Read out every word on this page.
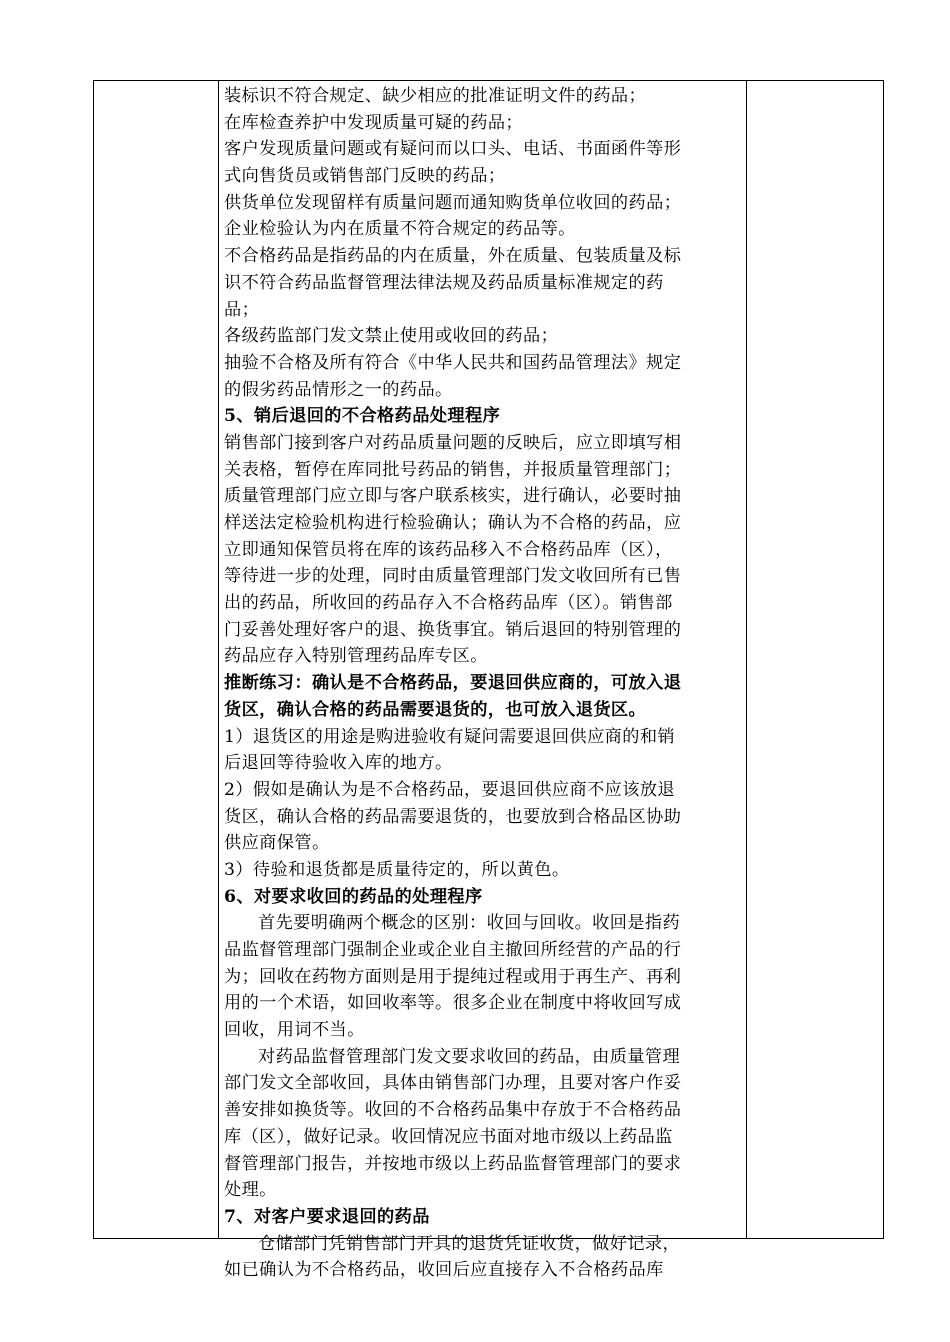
装标识不符合规定、缺少相应的批准证明文件的药品；
在库检查养护中发现质量可疑的药品；
客户发现质量问题或有疑问而以口头、电话、书面函件等形
式向售货员或销售部门反映的药品；
供货单位发现留样有质量问题而通知购货单位收回的药品；
企业检验认为内在质量不符合规定的药品等。
不合格药品是指药品的内在质量，外在质量、包装质量及标
识不符合药品监督管理法律法规及药品质量标准规定的药
品；
各级药监部门发文禁止使用或收回的药品；
抽验不合格及所有符合《中华人民共和国药品管理法》规定
的假劣药品情形之一的药品。
5、销后退回的不合格药品处理程序
销售部门接到客户对药品质量问题的反映后，应立即填写相
关表格，暂停在库同批号药品的销售，并报质量管理部门；
质量管理部门应立即与客户联系核实，进行确认，必要时抽
样送法定检验机构进行检验确认；确认为不合格的药品，应
立即通知保管员将在库的该药品移入不合格药品库（区），
等待进一步的处理，同时由质量管理部门发文收回所有已售
出的药品，所收回的药品存入不合格药品库（区）。销售部
门妥善处理好客户的退、换货事宜。销后退回的特别管理的
药品应存入特别管理药品库专区。
推断练习：确认是不合格药品，要退回供应商的，可放入退
货区，确认合格的药品需要退货的，也可放入退货区。
1）退货区的用途是购进验收有疑问需要退回供应商的和销
后退回等待验收入库的地方。
2）假如是确认为是不合格药品，要退回供应商不应该放退
货区，确认合格的药品需要退货的，也要放到合格品区协助
供应商保管。
3）待验和退货都是质量待定的，所以黄色。
6、对要求收回的药品的处理程序
首先要明确两个概念的区别：收回与回收。收回是指药
品监督管理部门强制企业或企业自主撤回所经营的产品的行
为；回收在药物方面则是用于提纯过程或用于再生产、再利
用的一个术语，如回收率等。很多企业在制度中将收回写成
回收，用词不当。
对药品监督管理部门发文要求收回的药品，由质量管理
部门发文全部收回，具体由销售部门办理，且要对客户作妥
善安排如换货等。收回的不合格药品集中存放于不合格药品
库（区），做好记录。收回情况应书面对地市级以上药品监
督管理部门报告，并按地市级以上药品监督管理部门的要求
处理。
7、对客户要求退回的药品
仓储部门凭销售部门开具的退货凭证收货，做好记录，
如已确认为不合格药品，收回后应直接存入不合格药品库
